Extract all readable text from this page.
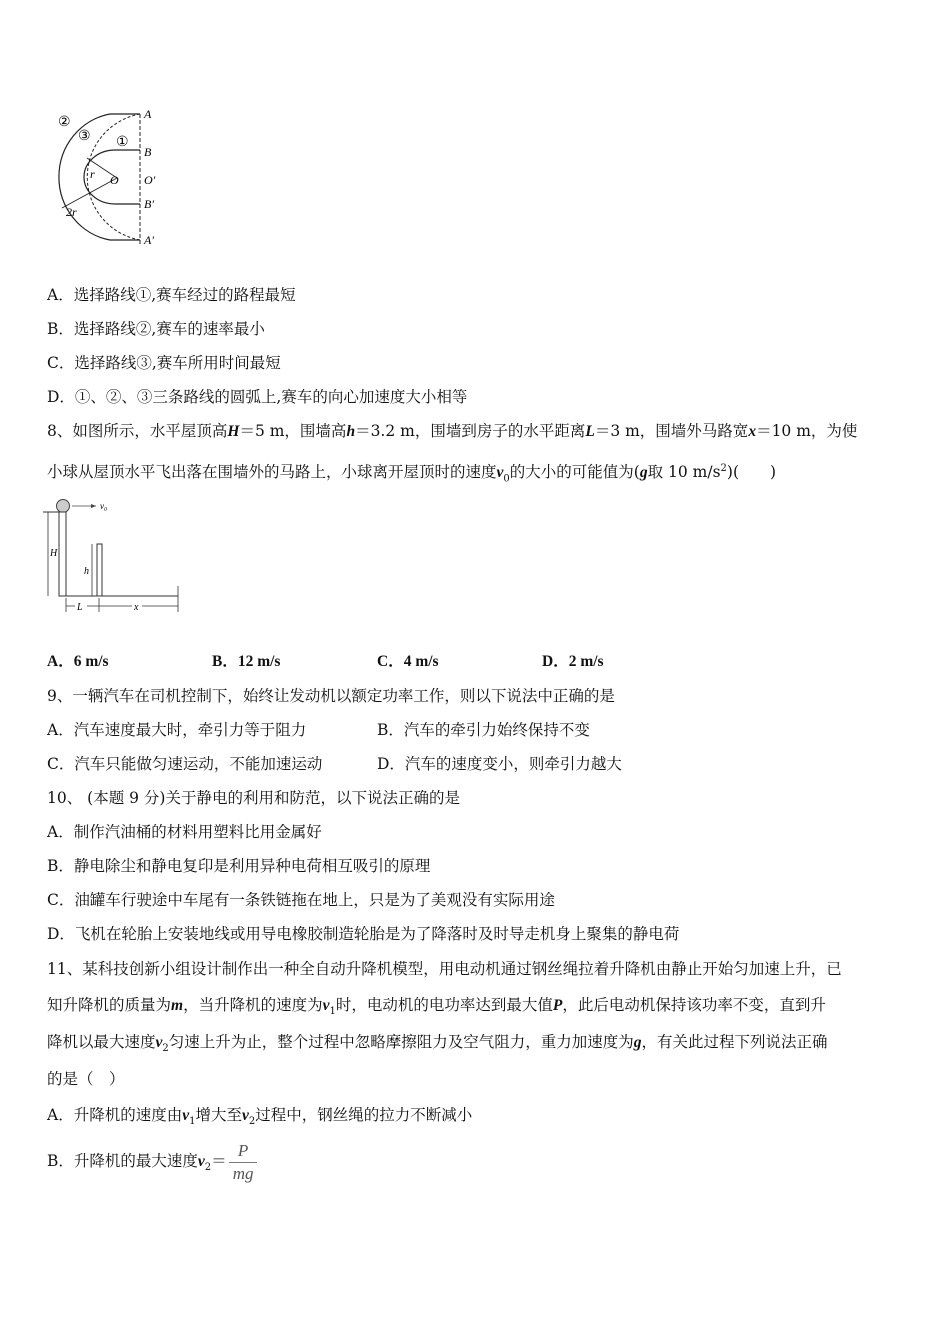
②
③ ①
A
B
O O′
r
2r
B′
A′
A．选择路线①,赛车经过的路程最短
B．选择路线②,赛车的速率最小
C．选择路线③,赛车所用时间最短
D．①、②、③三条路线的圆弧上,赛车的向心加速度大小相等
8、如图所示，水平屋顶高H＝5 m，围墙高h＝3.2 m，围墙到房子的水平距离L＝3 m，围墙外马路宽x＝10 m，为使
小球从屋顶水平飞出落在围墙外的马路上，小球离开屋顶时的速度$v_0$的大小的可能值为(g取 10 $m/s^2$)(　　)
v₀
H
h
L	x
A．6 m/s	B．12 m/s	C．4 m/s	D．2 m/s
9、一辆汽车在司机控制下，始终让发动机以额定功率工作，则以下说法中正确的是
A．汽车速度最大时，牵引力等于阻力	B．汽车的牵引力始终保持不变
C．汽车只能做匀速运动，不能加速运动	D．汽车的速度变小，则牵引力越大
10、 (本题 9 分)关于静电的利用和防范，以下说法正确的是
A．制作汽油桶的材料用塑料比用金属好
B．静电除尘和静电复印是利用异种电荷相互吸引的原理
C．油罐车行驶途中车尾有一条铁链拖在地上，只是为了美观没有实际用途
D．飞机在轮胎上安装地线或用导电橡胶制造轮胎是为了降落时及时导走机身上聚集的静电荷
11、某科技创新小组设计制作出一种全自动升降机模型，用电动机通过钢丝绳拉着升降机由静止开始匀加速上升，已
知升降机的质量为m，当升降机的速度为$v_1$时，电动机的电功率达到最大值P，此后电动机保持该功率不变，直到升
降机以最大速度$v_2$匀速上升为止，整个过程中忽略摩擦阻力及空气阻力，重力加速度为g，有关此过程下列说法正确
的是（　）
A．升降机的速度由$v_1$增大至$v_2$过程中，钢丝绳的拉力不断减小
B．升降机的最大速度$v_2= \frac{P}{mg}$
